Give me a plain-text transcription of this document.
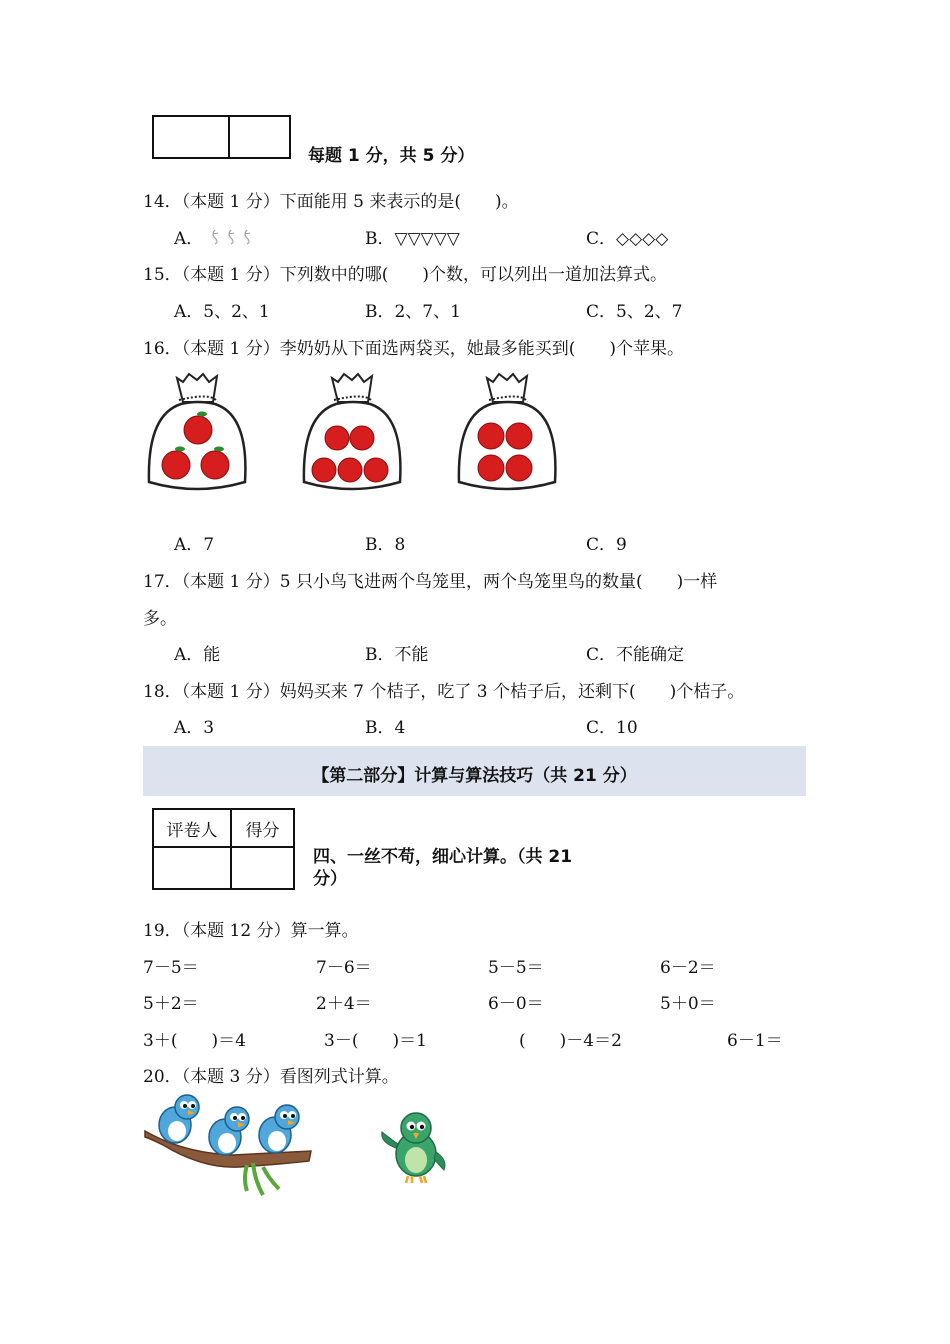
每题 1 分，共 5 分）
14．（本题 1 分）下面能用 5 来表示的是(　　)。
A．	B．▽▽▽▽▽	C．◇◇◇◇
15．（本题 1 分）下列数中的哪(　　)个数，可以列出一道加法算式。
A．5、2、1	B．2、7、1	C．5、2、7
16．（本题 1 分）李奶奶从下面选两袋买，她最多能买到(　　)个苹果。
A．7	B．8	C．9
17．（本题 1 分）5 只小鸟飞进两个鸟笼里，两个鸟笼里鸟的数量(　　)一样
多。
A．能	B．不能	C．不能确定
18．（本题 1 分）妈妈买来 7 个桔子，吃了 3 个桔子后，还剩下(　　)个桔子。
A．3	B．4	C．10
【第二部分】计算与算法技巧（共 21 分）
评卷人	得分

四、一丝不苟，细心计算。（共 21
分）
19．（本题 12 分）算一算。
7－5＝	7－6＝	5－5＝	6－2＝
5＋2＝	2＋4＝	6－0＝	5＋0＝
3＋(　　)＝4	3－(　　)＝1	(　　)－4＝2	6－1＝
20．（本题 3 分）看图列式计算。
